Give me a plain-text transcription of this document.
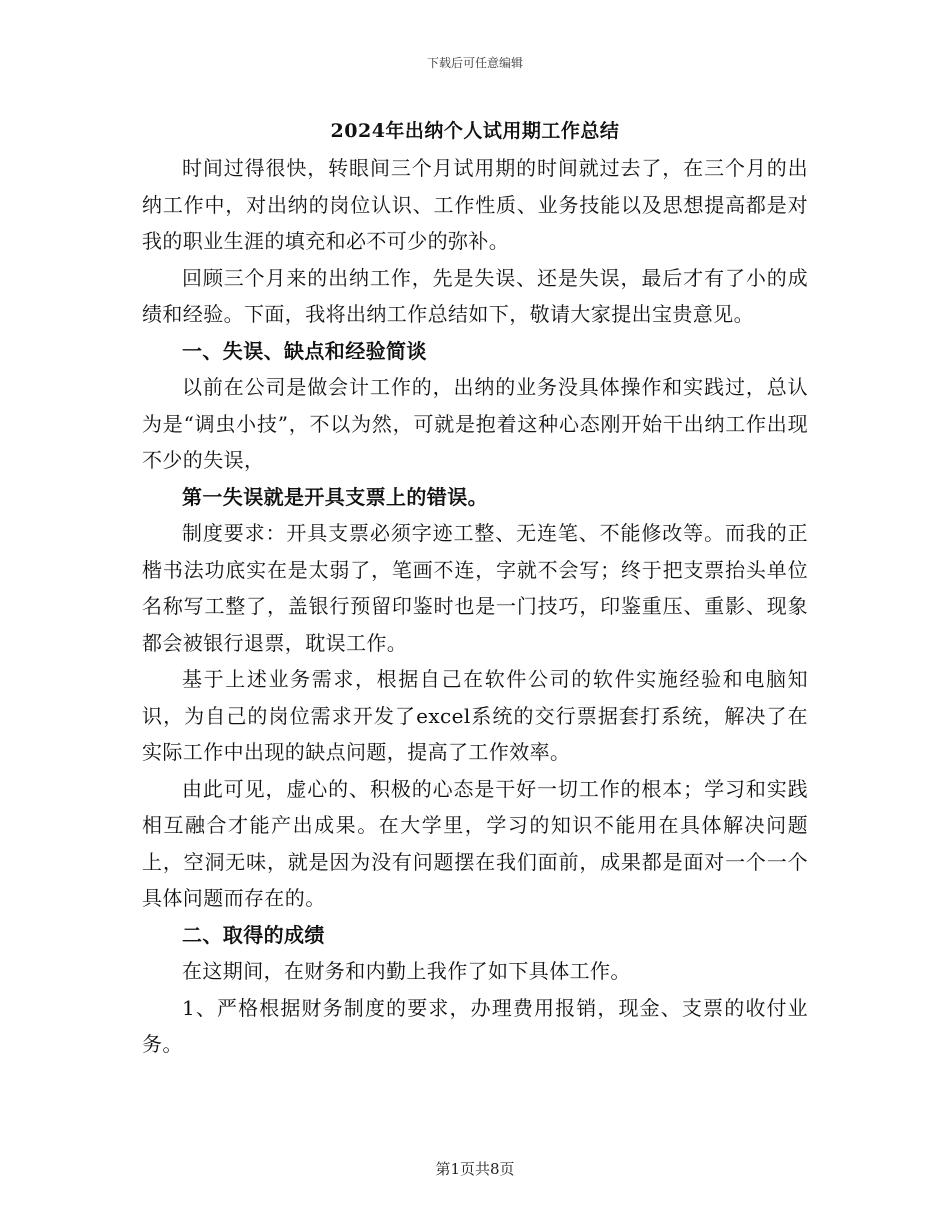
下载后可任意编辑
2024年出纳个人试用期工作总结

时间过得很快，转眼间三个月试用期的时间就过去了，在三个月的出纳工作中，对出纳的岗位认识、工作性质、业务技能以及思想提高都是对我的职业生涯的填充和必不可少的弥补。

回顾三个月来的出纳工作，先是失误、还是失误，最后才有了小的成绩和经验。下面，我将出纳工作总结如下，敬请大家提出宝贵意见。

一、失误、缺点和经验简谈

以前在公司是做会计工作的，出纳的业务没具体操作和实践过，总认为是“调虫小技”，不以为然，可就是抱着这种心态刚开始干出纳工作出现不少的失误，

第一失误就是开具支票上的错误。

制度要求：开具支票必须字迹工整、无连笔、不能修改等。而我的正楷书法功底实在是太弱了，笔画不连，字就不会写；终于把支票抬头单位名称写工整了，盖银行预留印鉴时也是一门技巧，印鉴重压、重影、现象都会被银行退票，耽误工作。

基于上述业务需求，根据自己在软件公司的软件实施经验和电脑知识，为自己的岗位需求开发了excel系统的交行票据套打系统，解决了在实际工作中出现的缺点问题，提高了工作效率。

由此可见，虚心的、积极的心态是干好一切工作的根本；学习和实践相互融合才能产出成果。在大学里，学习的知识不能用在具体解决问题上，空洞无味，就是因为没有问题摆在我们面前，成果都是面对一个一个具体问题而存在的。

二、取得的成绩

在这期间，在财务和内勤上我作了如下具体工作。

1、严格根据财务制度的要求，办理费用报销，现金、支票的收付业务。

第1页共8页
